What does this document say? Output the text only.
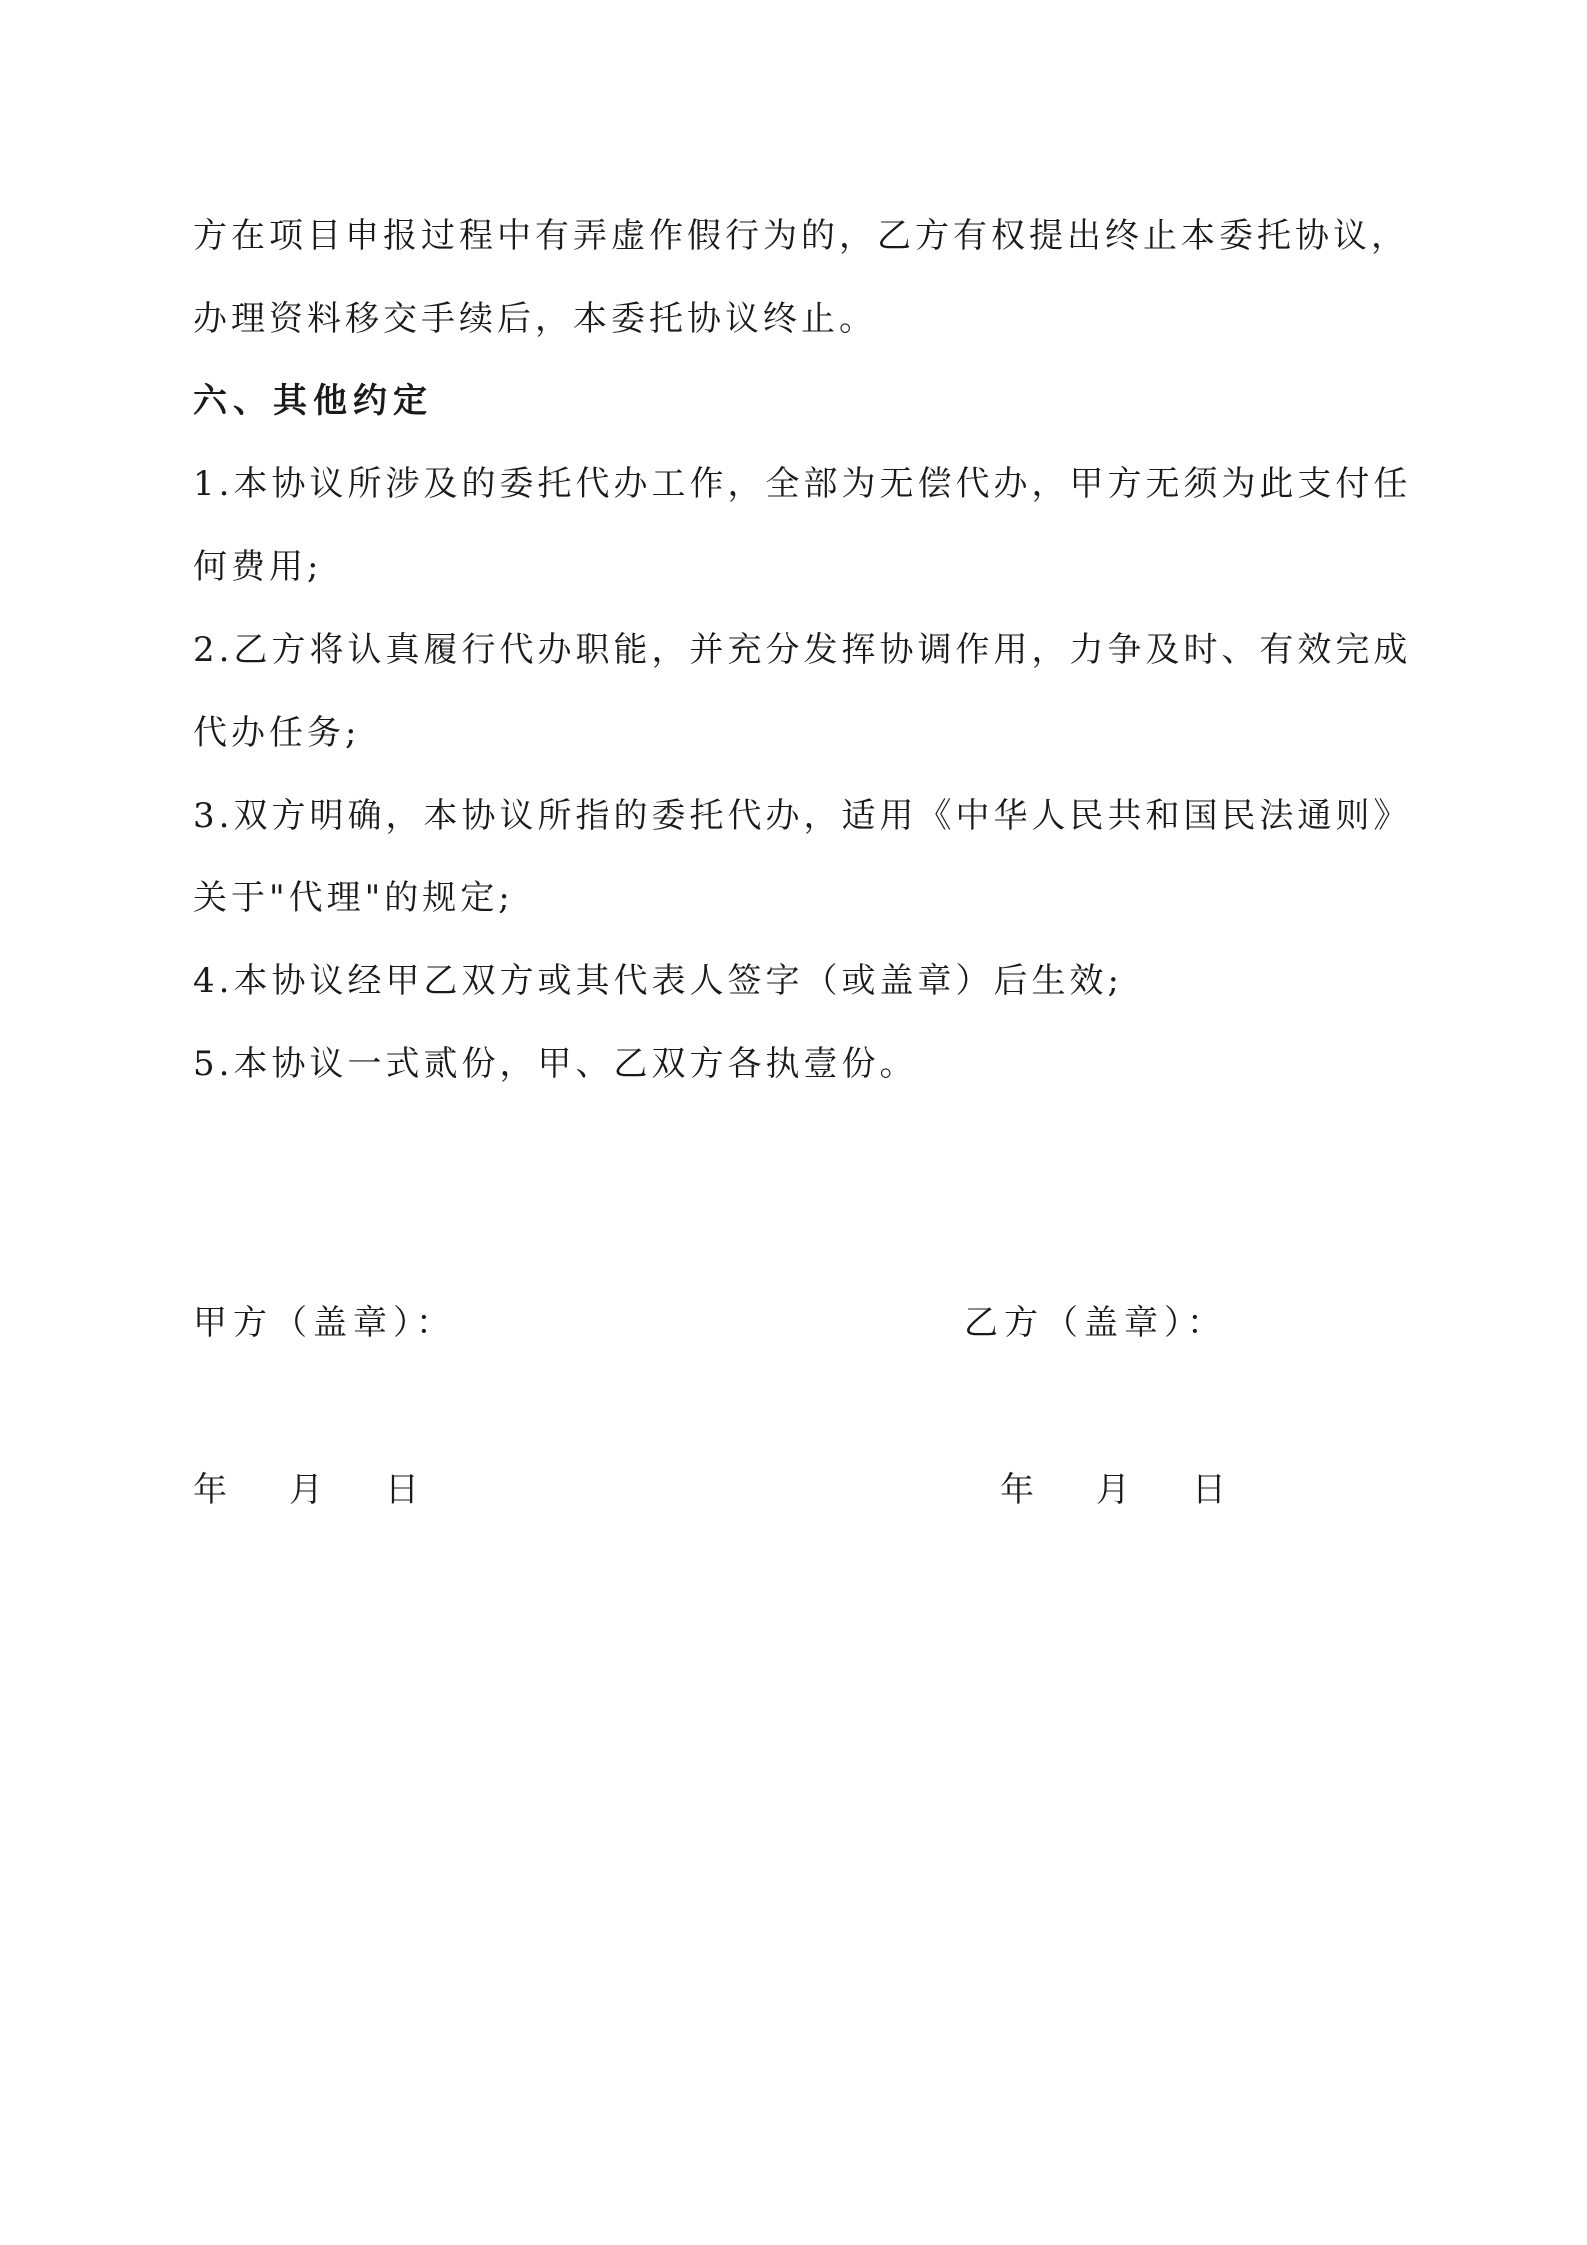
方在项目申报过程中有弄虚作假行为的，乙方有权提出终止本委托协议，
办理资料移交手续后，本委托协议终止。
六、其他约定
1.本协议所涉及的委托代办工作，全部为无偿代办，甲方无须为此支付任
何费用;
2.乙方将认真履行代办职能，并充分发挥协调作用，力争及时、有效完成
代办任务;
3.双方明确，本协议所指的委托代办，适用《中华人民共和国民法通则》
关于"代理"的规定;
4.本协议经甲乙双方或其代表人签字（或盖章）后生效;
5.本协议一式贰份，甲、乙双方各执壹份。
甲方（盖章）：	乙方（盖章）：
年 月 日	年 月 日
